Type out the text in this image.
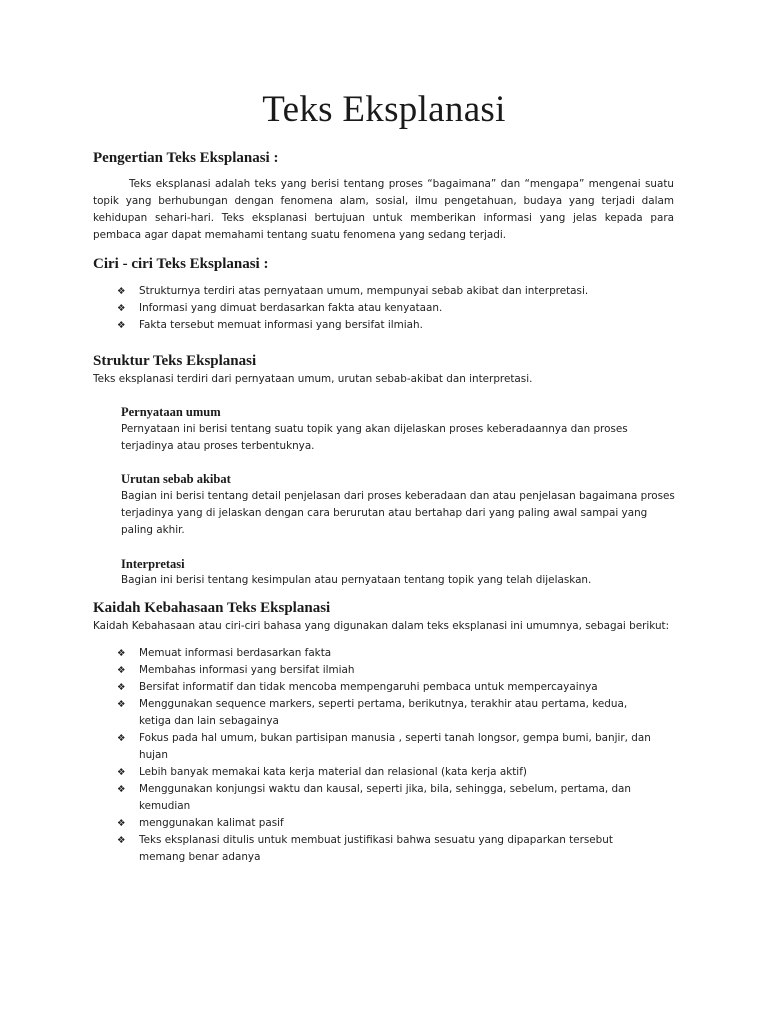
Teks Eksplanasi
Pengertian Teks Eksplanasi :

Teks eksplanasi adalah teks yang berisi tentang proses “bagaimana” dan “mengapa” mengenai suatu topik yang berhubungan dengan fenomena alam, sosial, ilmu pengetahuan, budaya yang terjadi dalam kehidupan sehari-hari. Teks eksplanasi bertujuan untuk memberikan informasi yang jelas kepada para pembaca agar dapat memahami tentang suatu fenomena yang sedang terjadi.

Ciri - ciri Teks Eksplanasi :
❖ Strukturnya terdiri atas pernyataan umum, mempunyai sebab akibat dan interpretasi.
❖ Informasi yang dimuat berdasarkan fakta atau kenyataan.
❖ Fakta tersebut memuat informasi yang bersifat ilmiah.
Struktur Teks Eksplanasi

Teks eksplanasi terdiri dari pernyataan umum, urutan sebab-akibat dan interpretasi.

Pernyataan umum

Pernyataan ini berisi tentang suatu topik yang akan dijelaskan proses keberadaannya dan proses terjadinya atau proses terbentuknya.

Urutan sebab akibat

Bagian ini berisi tentang detail penjelasan dari proses keberadaan dan atau penjelasan bagaimana proses terjadinya yang di jelaskan dengan cara berurutan atau bertahap dari yang paling awal sampai yang paling akhir.

Interpretasi

Bagian ini berisi tentang kesimpulan atau pernyataan tentang topik yang telah dijelaskan.

Kaidah Kebahasaan Teks Eksplanasi

Kaidah Kebahasaan atau ciri-ciri bahasa yang digunakan dalam teks eksplanasi ini umumnya, sebagai berikut:

❖ Memuat informasi berdasarkan fakta
❖ Membahas informasi yang bersifat ilmiah
❖ Bersifat informatif dan tidak mencoba mempengaruhi pembaca untuk mempercayainya
❖ Menggunakan sequence markers, seperti pertama, berikutnya, terakhir atau pertama, kedua, ketiga dan lain sebagainya
❖ Fokus pada hal umum, bukan partisipan manusia , seperti tanah longsor, gempa bumi, banjir, dan hujan
❖ Lebih banyak memakai kata kerja material dan relasional (kata kerja aktif)
❖ Menggunakan konjungsi waktu dan kausal, seperti jika, bila, sehingga, sebelum, pertama, dan kemudian
❖ menggunakan kalimat pasif
❖ Teks eksplanasi ditulis untuk membuat justifikasi bahwa sesuatu yang dipaparkan tersebut memang benar adanya
